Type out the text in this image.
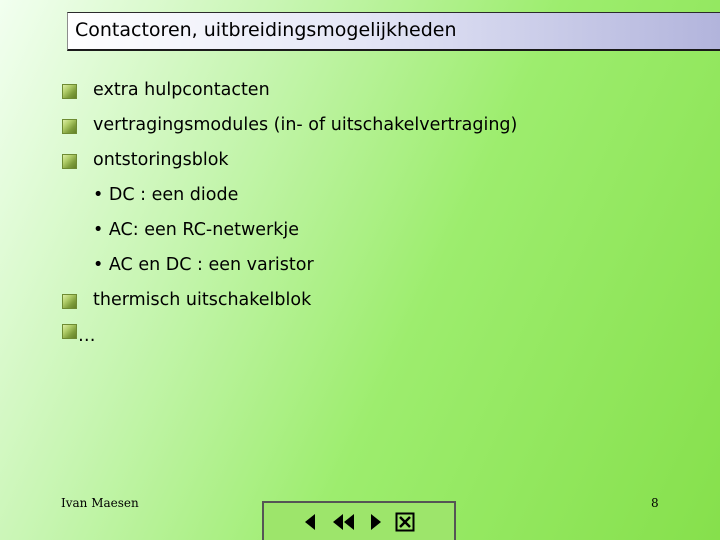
Contactoren, uitbreidingsmogelijkheden
extra hulpcontacten
vertragingsmodules (in- of uitschakelvertraging)
ontstoringsblok
• DC : een diode
• AC: een RC-netwerkje
• AC en DC : een varistor
thermisch uitschakelblok
…
Ivan Maesen	8
